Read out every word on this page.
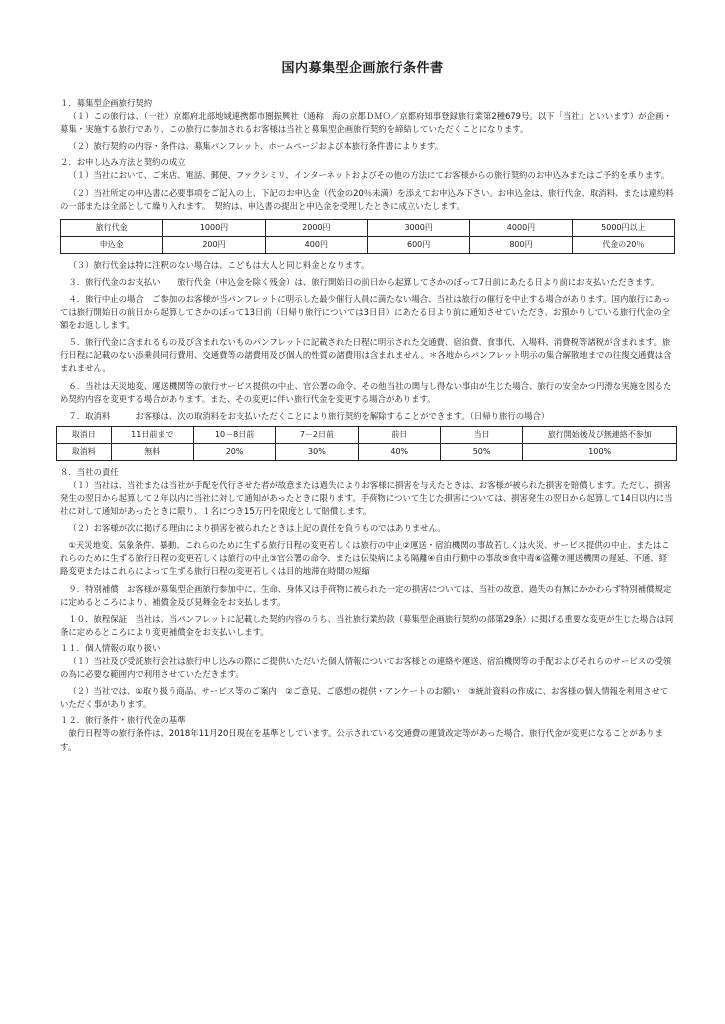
国内募集型企画旅行条件書

１．募集型企画旅行契約

（１）この旅行は、（一社）京都府北部地域連携都市圏振興社（通称　海の京都ＤＭＯ／京都府知事登録旅行業第2種679号。以下「当社」といいます）が企画・募集・実施する旅行であり、この旅行に参加されるお客様は当社と募集型企画旅行契約を締結していただくことになります。

（２）旅行契約の内容・条件は、募集パンフレット、ホームページおよび本旅行条件書によります。

２．お申し込み方法と契約の成立

（１）当社において、ご来店、電話、郵便、ファクシミリ、インターネットおよびその他の方法にてお客様からの旅行契約のお申込みまたはご予約を承ります。

（２）当社所定の申込書に必要事項をご記入の上、下記のお申込金（代金の20％未満）を添えてお申込み下さい。お申込金は、旅行代金、取消料、または違約料の一部または全部として繰り入れます。　契約は、申込書の提出と申込金を受理したときに成立いたします。

旅行代金	1000円	2000円	3000円	4000円	5000円以上
申込金	200円	400円	600円	800円	代金の20％

（３）旅行代金は特に注釈のない場合は、こどもは大人と同じ料金となります。

３．旅行代金のお支払い　　旅行代金（申込金を除く残金）は、旅行開始日の前日から起算してさかのぼって7日前にあたる日より前にお支払いただきます。

４．旅行中止の場合　ご参加のお客様が当パンフレットに明示した最少催行人員に満たない場合、当社は旅行の催行を中止する場合があります。国内旅行にあっては旅行開始日の前日から起算してさかのぼって13日前（日帰り旅行については3日目）にあたる日より前に通知させていただき、お預かりしている旅行代金の全額をお返しします。

５．旅行代金に含まれるもの及び含まれないものパンフレットに記載された日程に明示された交通費、宿泊費、食事代、入場料、消費税等諸税が含まれます。旅行日程に記載のない添乗員同行費用、交通費等の諸費用及び個人的性質の諸費用は含まれません。＊各地からパンフレット明示の集合解散地までの往復交通費は含まれません。

６．当社は天災地変、運送機関等の旅行サービス提供の中止、官公署の命令、その他当社の関与し得ない事由が生じた場合、旅行の安全かつ円滑な実施を図るため契約内容を変更する場合があります。また、その変更に伴い旅行代金を変更する場合があります。

７．取消料　　　お客様は、次の取消料をお支払いただくことにより旅行契約を解除することができます。（日帰り旅行の場合）

取消日	11日前まで	10－8日前	7－2日前	前日	当日	旅行開始後及び無連絡不参加
取消料	無料	20%	30%	40%	50%	100%

８．当社の責任

（１）当社は、当社または当社が手配を代行させた者が故意または過失によりお客様に損害を与えたときは、お客様が被られた損害を賠償します。ただし、損害発生の翌日から起算して２年以内に当社に対して通知があったときに限ります。手荷物について生じた損害については、損害発生の翌日から起算して14日以内に当社に対して通知があったときに限り、１名につき15万円を限度として賠償します。

（２）お客様が次に掲げる理由により損害を被られたときは上記の責任を負うものではありません。

①天災地変、気象条件、暴動、これらのために生ずる旅行日程の変更若しくは旅行の中止②運送・宿泊機関の事故若しくは火災、サービス提供の中止、またはこれらのために生ずる旅行日程の変更若しくは旅行の中止③官公署の命令、または伝染病による隔離④自由行動中の事故⑤食中毒⑥盗難⑦運送機関の遅延、不通、経路変更またはこれらによって生ずる旅行日程の変更若しくは目的地滞在時間の短縮

９．特別補償　お客様が募集型企画旅行参加中に、生命、身体又は手荷物に被られた一定の損害については、当社の故意、過失の有無にかかわらず特別補償規定に定めるところにより、補償金及び見舞金をお支払します。

１０．旅程保証　当社は、当パンフレットに記載した契約内容のうち、当社旅行業約款（募集型企画旅行契約の部第29条）に掲げる重要な変更が生じた場合は同条に定めるところにより変更補償金をお支払いします。

１１．個人情報の取り扱い

（１）当社及び受託旅行会社は旅行申し込みの際にご提供いただいた個人情報についてお客様との連絡や運送、宿泊機関等の手配およびそれらのサービスの受領の為に必要な範囲内で利用させていただきます。

（２）当社では、①取り扱う商品、サービス等のご案内　②ご意見、ご感想の提供・アンケートのお願い　③統計資料の作成に、お客様の個人情報を利用させていただく事があります。

１２．旅行条件・旅行代金の基準

旅行日程等の旅行条件は、2018年11月20日現在を基準としています。公示されている交通費の運賃改定等があった場合、旅行代金が変更になることがあります。
